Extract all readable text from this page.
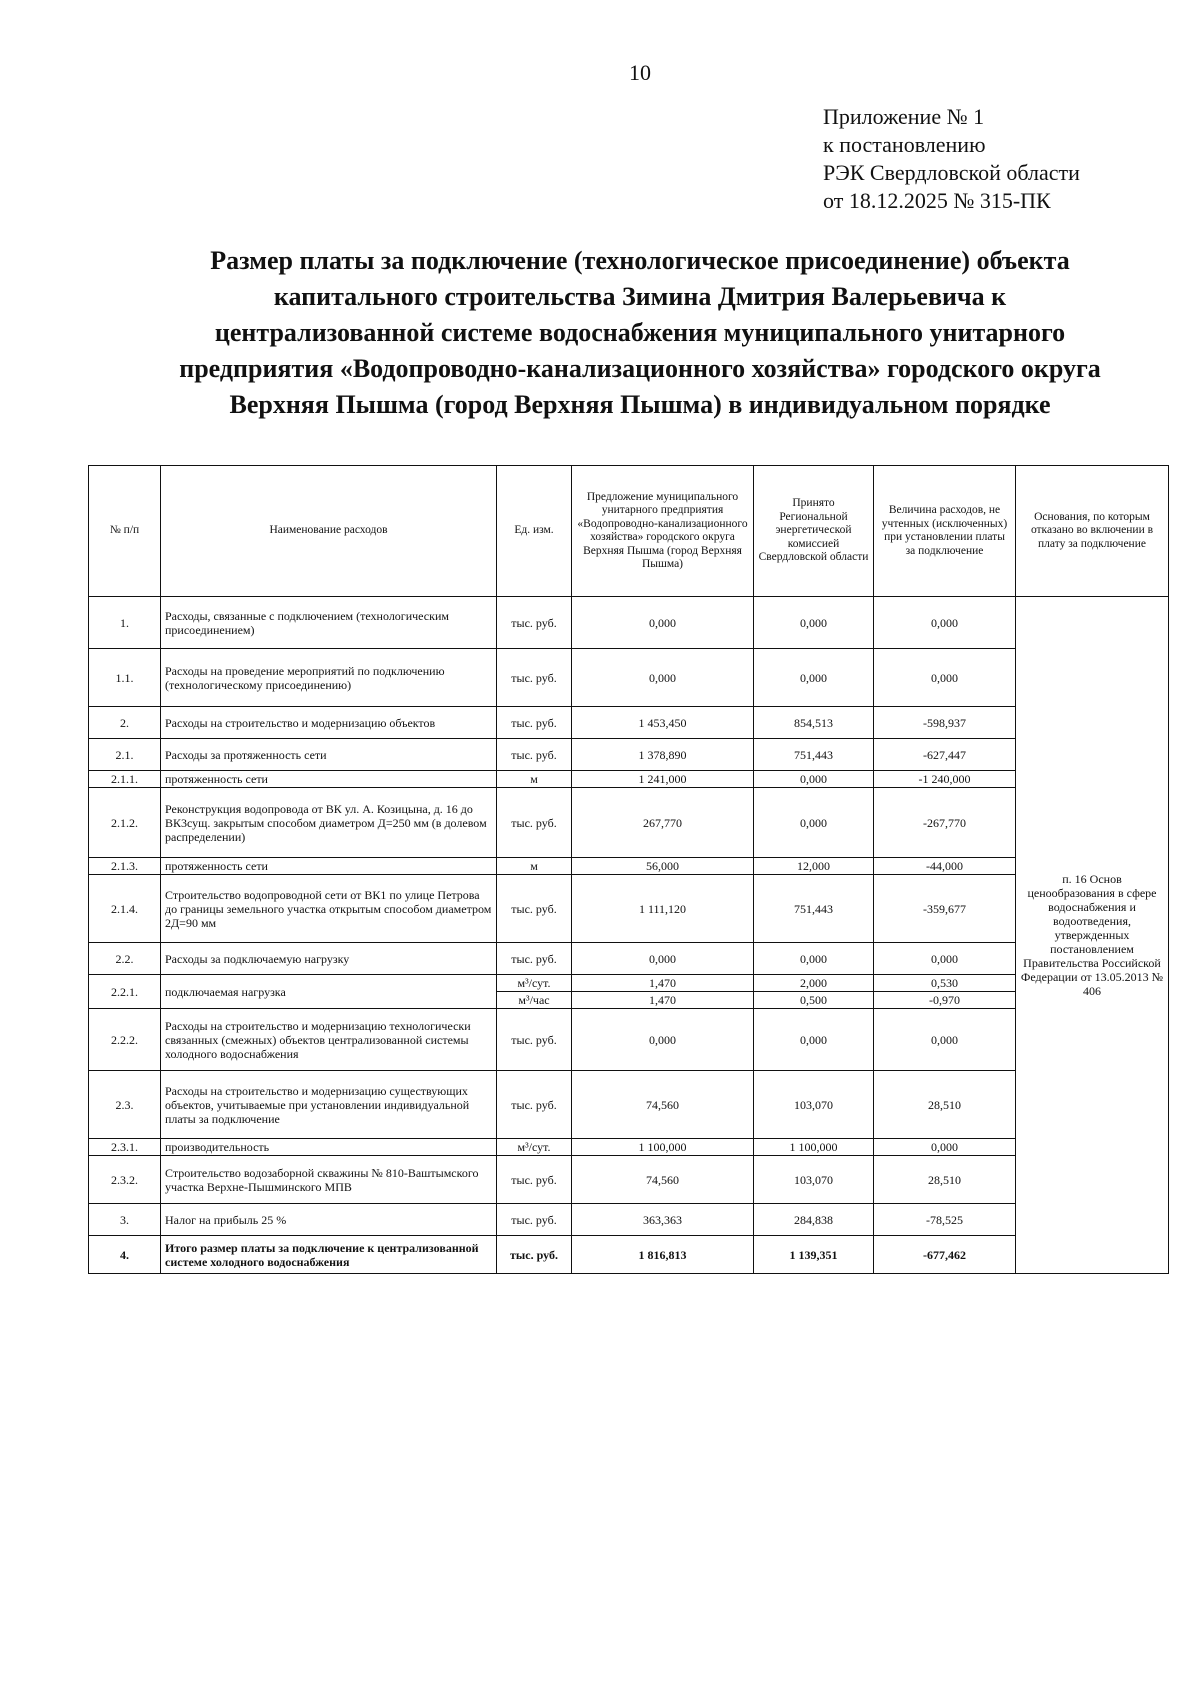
10
Приложение № 1
к постановлению
РЭК Свердловской области
от 18.12.2025 № 315-ПК
Размер платы за подключение (технологическое присоединение) объекта
капитального строительства Зимина Дмитрия Валерьевича к
централизованной системе водоснабжения муниципального унитарного
предприятия «Водопроводно-канализационного хозяйства» городского округа
Верхняя Пышма (город Верхняя Пышма) в индивидуальном порядке
№ п/п	Наименование расходов	Ед. изм.	Предложение муниципального унитарного предприятия «Водопроводно-канализационного хозяйства» городского округа Верхняя Пышма (город Верхняя Пышма)	Принято Региональной энергетической комиссией Свердловской области	Величина расходов, не учтенных (исключенных) при установлении платы за подключение	Основания, по которым отказано во включении в плату за подключение
1.	Расходы, связанные с подключением (технологическим присоединением)	тыс. руб.	0,000	0,000	0,000	п. 16 Основ ценообразования в сфере водоснабжения и водоотведения, утвержденных постановлением Правительства Российской Федерации от 13.05.2013 № 406
1.1.	Расходы на проведение мероприятий по подключению (технологическому присоединению)	тыс. руб.	0,000	0,000	0,000	
2.	Расходы на строительство и модернизацию объектов	тыс. руб.	1 453,450	854,513	-598,937	
2.1.	Расходы за протяженность сети	тыс. руб.	1 378,890	751,443	-627,447	
2.1.1.	протяженность сети	м	1 241,000	0,000	-1 240,000	
2.1.2.	Реконструкция водопровода от ВК ул. А. Козицына, д. 16 до ВК3сущ. закрытым способом диаметром Д=250 мм (в долевом распределении)	тыс. руб.	267,770	0,000	-267,770	
2.1.3.	протяженность сети	м	56,000	12,000	-44,000	
2.1.4.	Строительство водопроводной сети от ВК1 по улице Петрова до границы земельного участка открытым способом диаметром 2Д=90 мм	тыс. руб.	1 111,120	751,443	-359,677	
2.2.	Расходы за подключаемую нагрузку	тыс. руб.	0,000	0,000	0,000	
2.2.1.	подключаемая нагрузка	м³/сут.	1,470	2,000	0,530	
		м³/час	1,470	0,500	-0,970	
2.2.2.	Расходы на строительство и модернизацию технологически связанных (смежных) объектов централизованной системы холодного водоснабжения	тыс. руб.	0,000	0,000	0,000	
2.3.	Расходы на строительство и модернизацию существующих объектов, учитываемые при установлении индивидуальной платы за подключение	тыс. руб.	74,560	103,070	28,510	
2.3.1.	производительность	м³/сут.	1 100,000	1 100,000	0,000	
2.3.2.	Строительство водозаборной скважины № 810-Ваштымского участка Верхне-Пышминского МПВ	тыс. руб.	74,560	103,070	28,510	
3.	Налог на прибыль 25 %	тыс. руб.	363,363	284,838	-78,525	
4.	Итого размер платы за подключение к централизованной системе холодного водоснабжения	тыс. руб.	1 816,813	1 139,351	-677,462	
